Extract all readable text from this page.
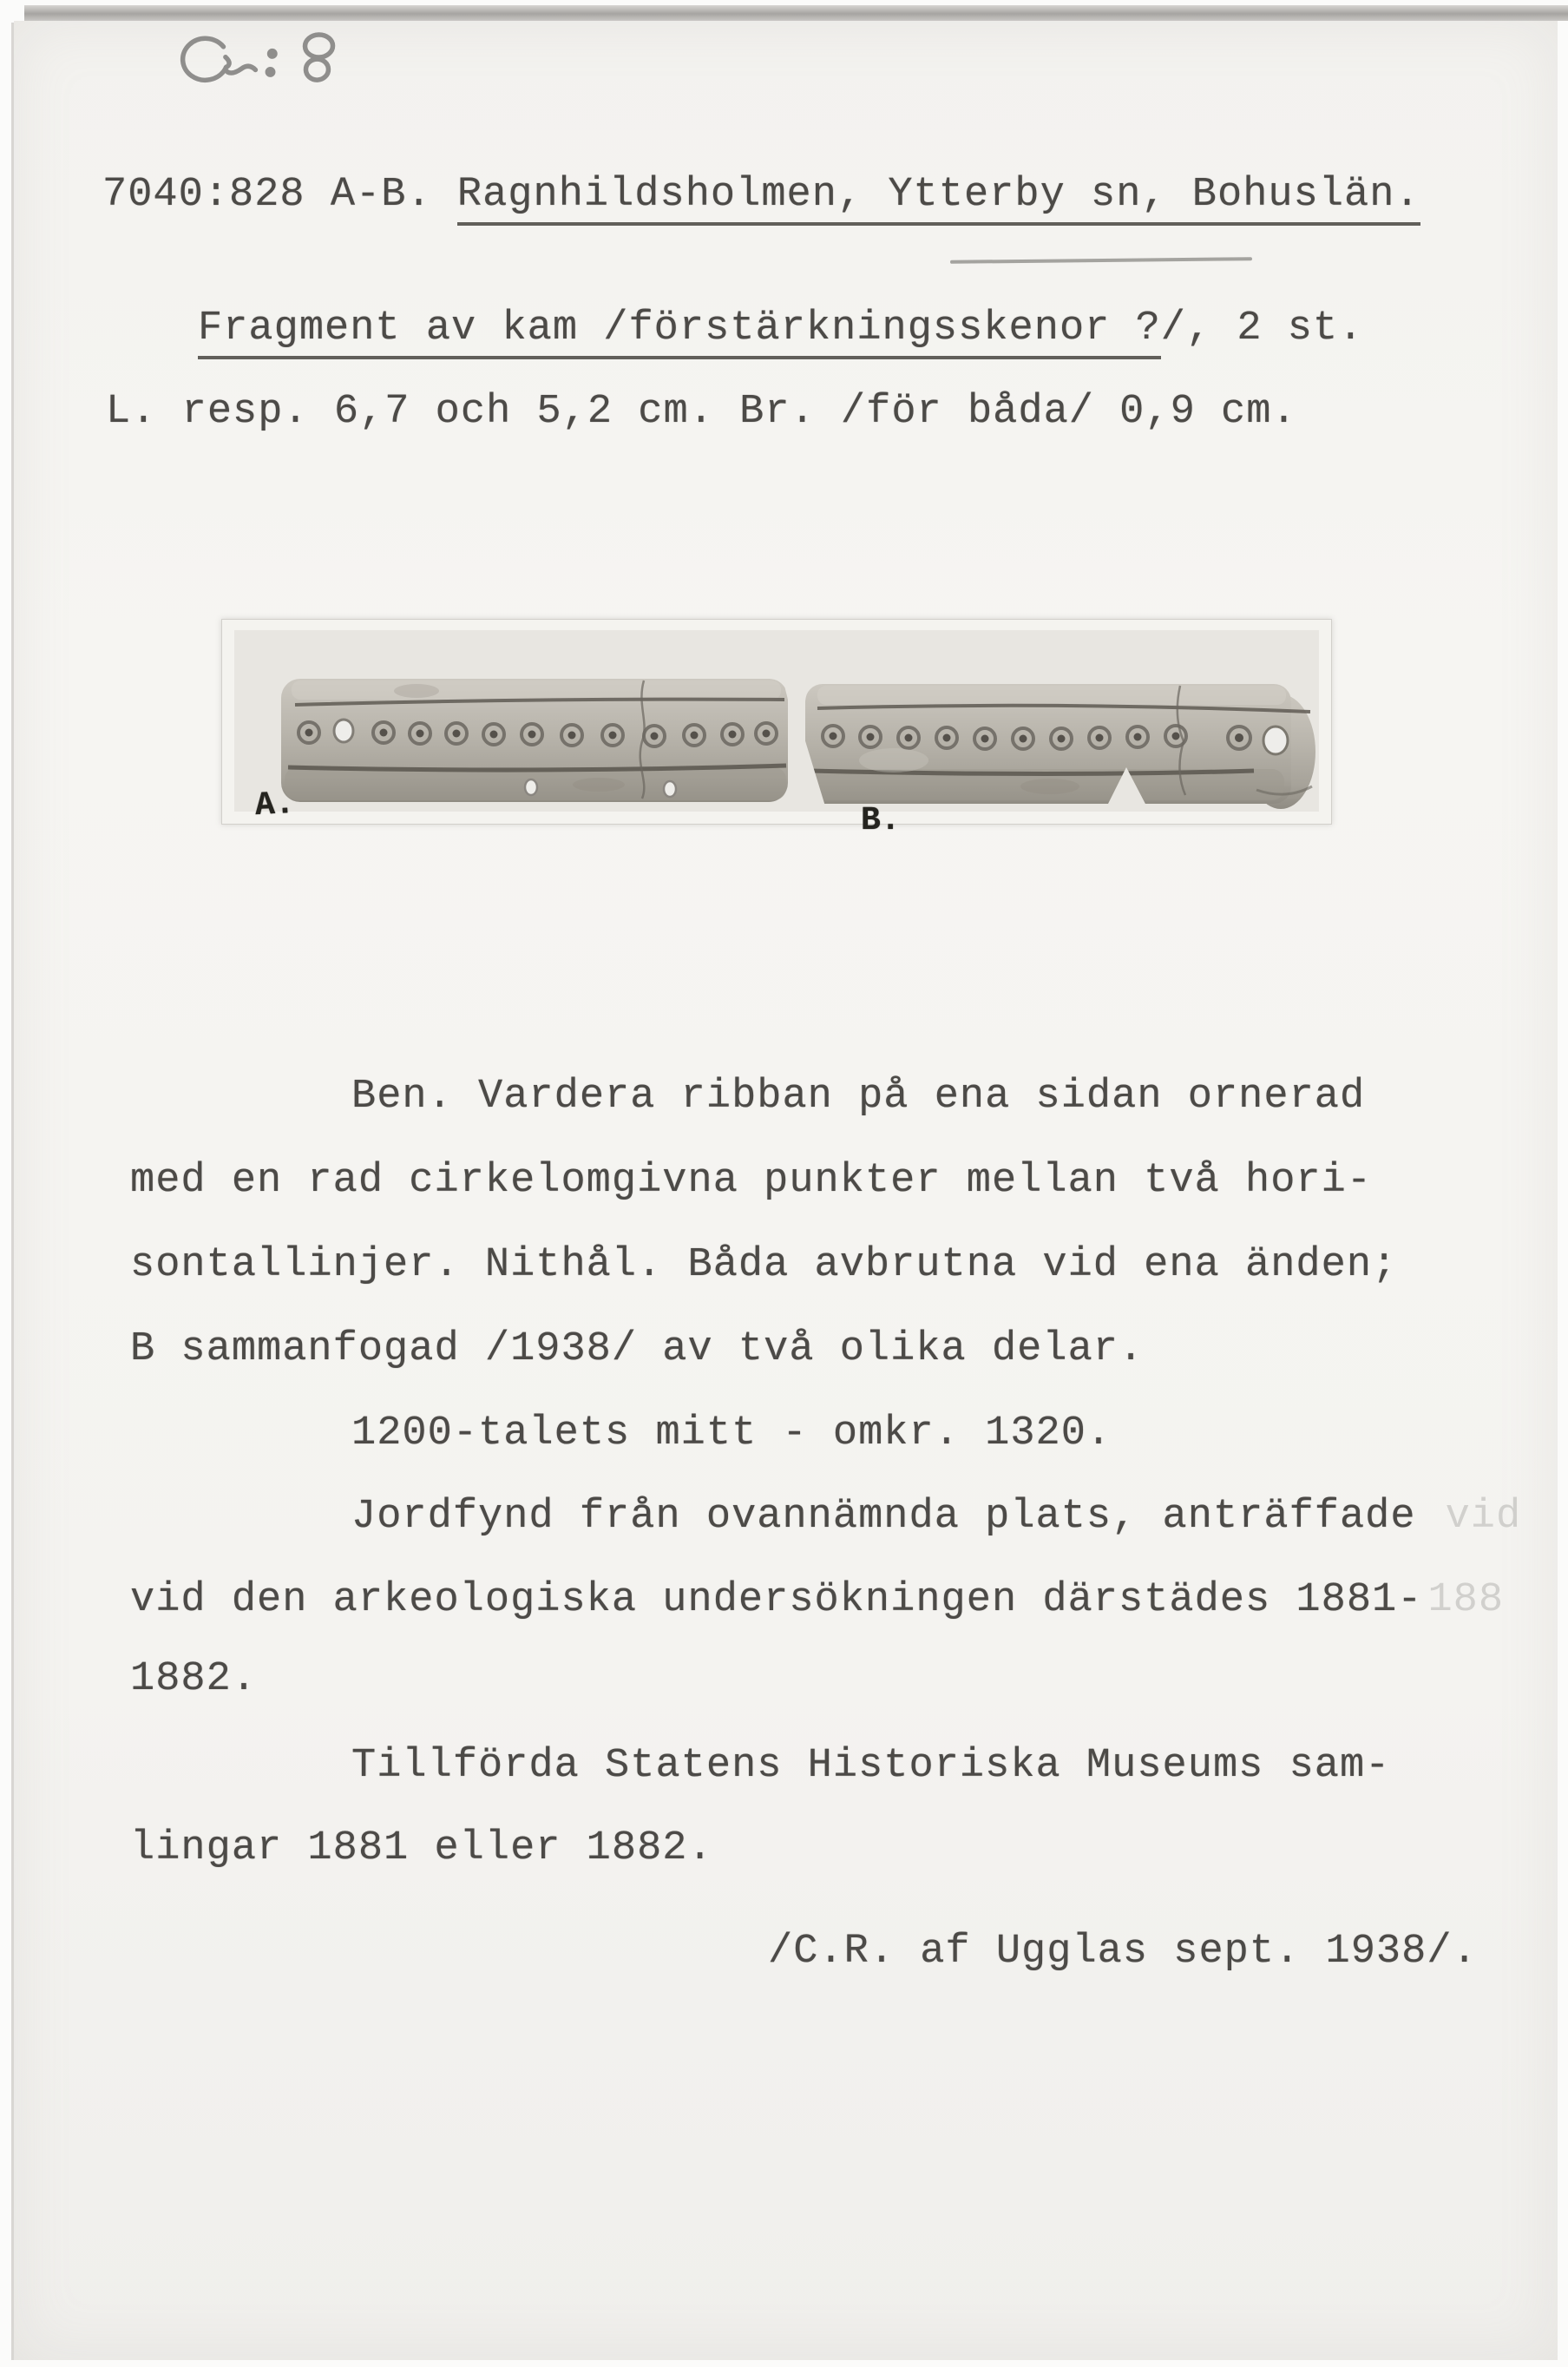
7040:828 A-B. Ragnhildsholmen, Ytterby sn, Bohuslän.
Fragment av kam /förstärkningsskenor ?/, 2 st.
L. resp. 6,7 och 5,2 cm. Br. /för båda/ 0,9 cm.
A.	B.
Ben. Vardera ribban på ena sidan ornerad
med en rad cirkelomgivna punkter mellan två hori-
sontallinjer. Nithål. Båda avbrutna vid ena änden;
B sammanfogad /1938/ av två olika delar.
1200-talets mitt - omkr. 1320.
Jordfynd från ovannämnda plats, anträffade vid
vid den arkeologiska undersökningen därstädes 1881- 188
1882.
Tillförda Statens Historiska Museums sam-
lingar 1881 eller 1882.
/C.R. af Ugglas sept. 1938/.
